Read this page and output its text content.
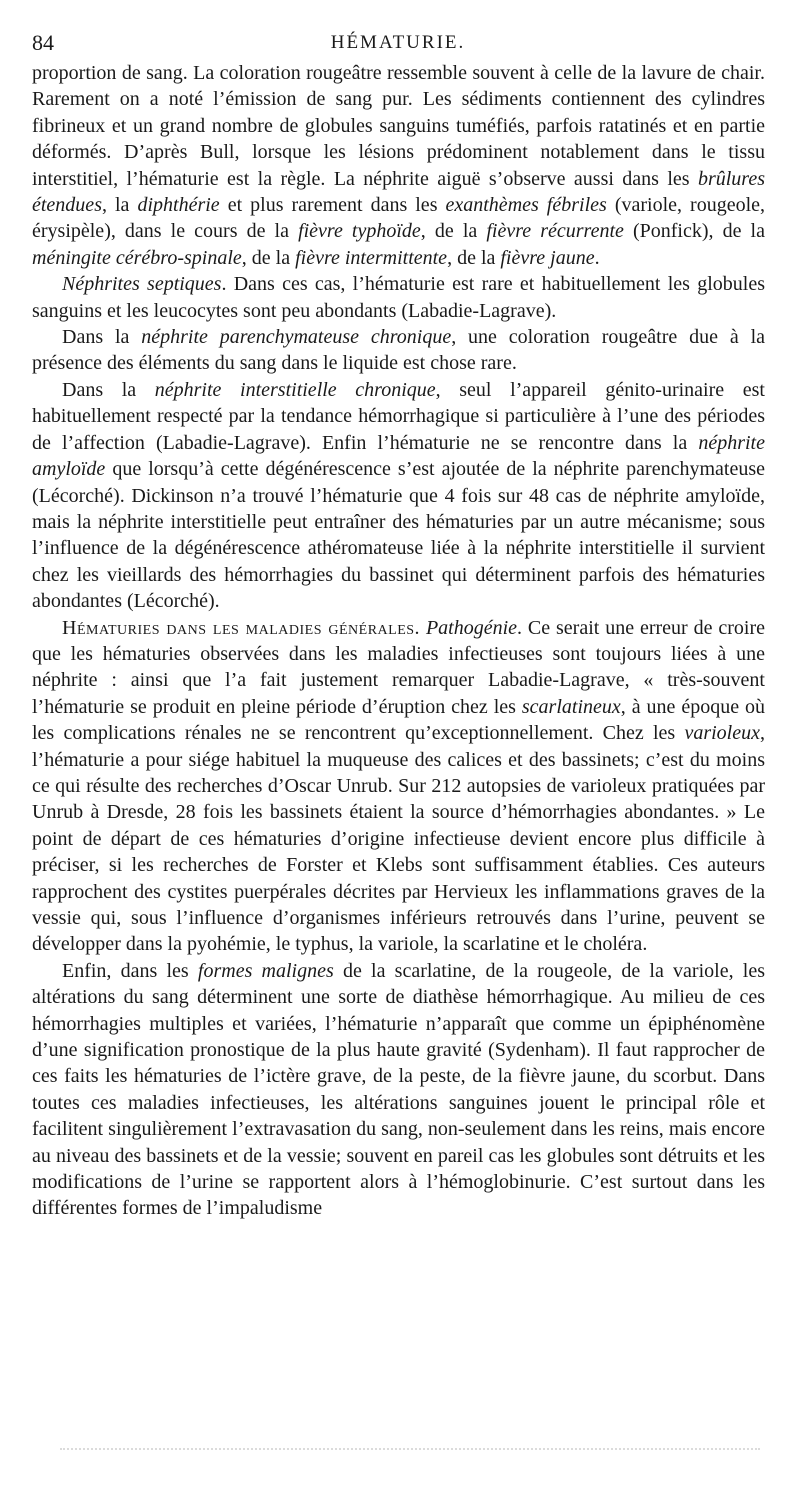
84	HÉMATURIE.

proportion de sang. La coloration rougeâtre ressemble souvent à celle de la lavure de chair. Rarement on a noté l’émission de sang pur. Les sédiments contiennent des cylindres fibrineux et un grand nombre de globules sanguins tuméfiés, parfois ratatinés et en partie déformés. D’après Bull, lorsque les lésions prédominent notablement dans le tissu interstitiel, l’hématurie est la règle. La néphrite aiguë s’observe aussi dans les brûlures étendues, la diphthérie et plus rarement dans les exanthèmes fébriles (variole, rougeole, érysipèle), dans le cours de la fièvre typhoïde, de la fièvre récurrente (Ponfick), de la méningite cérébro-spinale, de la fièvre intermittente, de la fièvre jaune.

Néphrites septiques. Dans ces cas, l’hématurie est rare et habituellement les globules sanguins et les leucocytes sont peu abondants (Labadie-Lagrave).

Dans la néphrite parenchymateuse chronique, une coloration rougeâtre due à la présence des éléments du sang dans le liquide est chose rare.

Dans la néphrite interstitielle chronique, seul l’appareil génito-urinaire est habituellement respecté par la tendance hémorrhagique si particulière à l’une des périodes de l’affection (Labadie-Lagrave). Enfin l’hématurie ne se rencontre dans la néphrite amyloïde que lorsqu’à cette dégénérescence s’est ajoutée de la néphrite parenchymateuse (Lécorché). Dickinson n’a trouvé l’hématurie que 4 fois sur 48 cas de néphrite amyloïde, mais la néphrite interstitielle peut entraîner des hématuries par un autre mécanisme; sous l’influence de la dégénérescence athéromateuse liée à la néphrite interstitielle il survient chez les vieillards des hémorrhagies du bassinet qui déterminent parfois des hématuries abondantes (Lécorché).

Hématuries dans les maladies générales. Pathogénie. Ce serait une erreur de croire que les hématuries observées dans les maladies infectieuses sont toujours liées à une néphrite : ainsi que l’a fait justement remarquer Labadie-Lagrave, « très-souvent l’hématurie se produit en pleine période d’éruption chez les scarlatineux, à une époque où les complications rénales ne se rencontrent qu’exceptionnellement. Chez les varioleux, l’hématurie a pour siége habituel la muqueuse des calices et des bassinets; c’est du moins ce qui résulte des recherches d’Oscar Unrub. Sur 212 autopsies de varioleux pratiquées par Unrub à Dresde, 28 fois les bassinets étaient la source d’hémorrhagies abondantes. » Le point de départ de ces hématuries d’origine infectieuse devient encore plus difficile à préciser, si les recherches de Forster et Klebs sont suffisamment établies. Ces auteurs rapprochent des cystites puerpérales décrites par Hervieux les inflammations graves de la vessie qui, sous l’influence d’organismes inférieurs retrouvés dans l’urine, peuvent se développer dans la pyohémie, le typhus, la variole, la scarlatine et le choléra.

Enfin, dans les formes malignes de la scarlatine, de la rougeole, de la variole, les altérations du sang déterminent une sorte de diathèse hémorrhagique. Au milieu de ces hémorrhagies multiples et variées, l’hématurie n’apparaît que comme un épiphénomène d’une signification pronostique de la plus haute gravité (Sydenham). Il faut rapprocher de ces faits les hématuries de l’ictère grave, de la peste, de la fièvre jaune, du scorbut. Dans toutes ces maladies infectieuses, les altérations sanguines jouent le principal rôle et facilitent singulièrement l’extravasation du sang, non-seulement dans les reins, mais encore au niveau des bassinets et de la vessie; souvent en pareil cas les globules sont détruits et les modifications de l’urine se rapportent alors à l’hémoglobinurie. C’est surtout dans les différentes formes de l’impaludisme
